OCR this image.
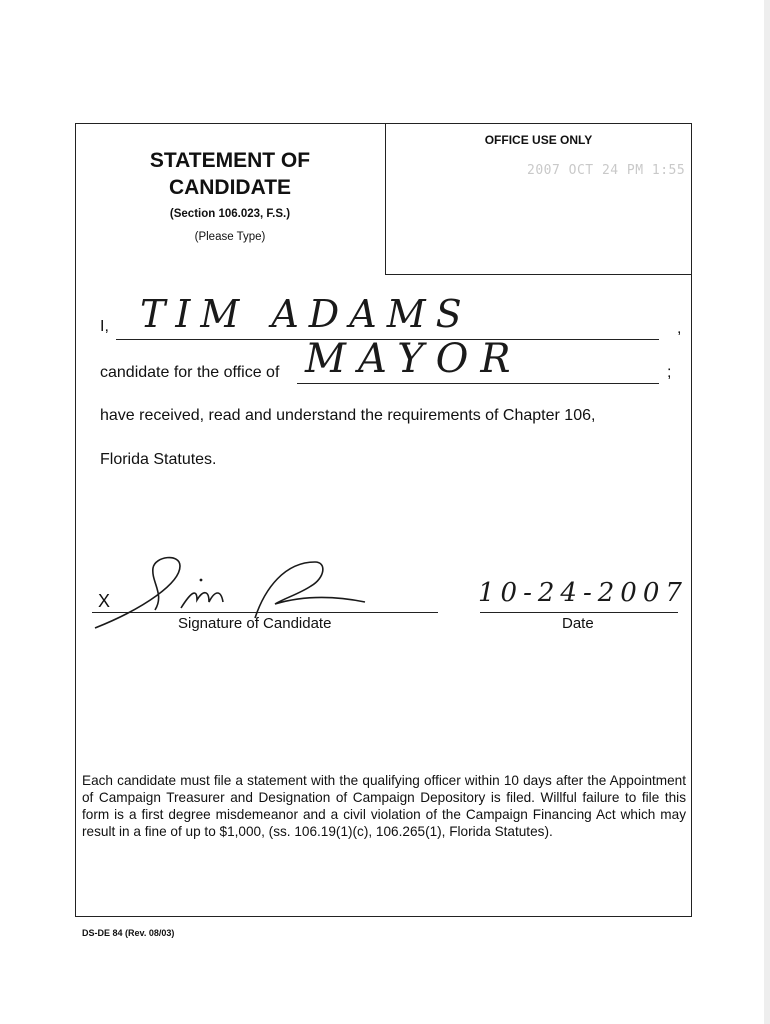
OFFICE USE ONLY
2007 OCT 24 PM 1:55
STATEMENT OF
CANDIDATE
(Section 106.023, F.S.)
(Please Type)
I, TIM ADAMS	,
candidate for the office of MAYOR	;
have received, read and understand the requirements of Chapter 106,
Florida Statutes.
X
Signature of Candidate
10-24-2007
Date
Each candidate must file a statement with the qualifying officer within 10 days after the Appointment of Campaign Treasurer and Designation of Campaign Depository is filed. Willful failure to file this form is a first degree misdemeanor and a civil violation of the Campaign Financing Act which may result in a fine of up to $1,000, (ss. 106.19(1)(c), 106.265(1), Florida Statutes).
DS-DE 84 (Rev. 08/03)
